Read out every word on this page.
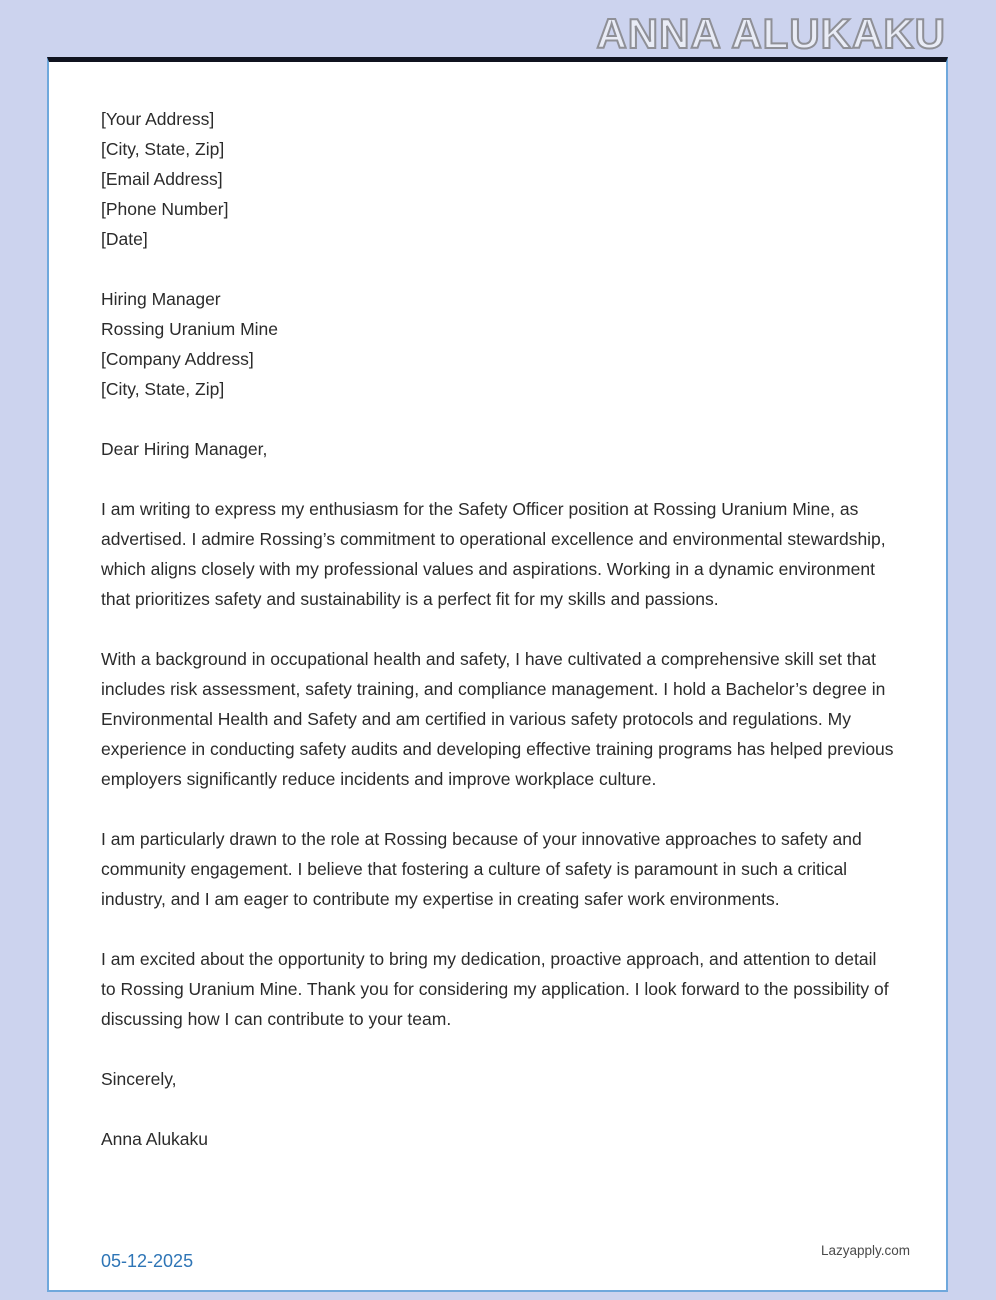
ANNA ALUKAKU
[Your Address]
[City, State, Zip]
[Email Address]
[Phone Number]
[Date]
Hiring Manager
Rossing Uranium Mine
[Company Address]
[City, State, Zip]
Dear Hiring Manager,
I am writing to express my enthusiasm for the Safety Officer position at Rossing Uranium Mine, as advertised. I admire Rossing’s commitment to operational excellence and environmental stewardship, which aligns closely with my professional values and aspirations. Working in a dynamic environment that prioritizes safety and sustainability is a perfect fit for my skills and passions.
With a background in occupational health and safety, I have cultivated a comprehensive skill set that includes risk assessment, safety training, and compliance management. I hold a Bachelor’s degree in Environmental Health and Safety and am certified in various safety protocols and regulations. My experience in conducting safety audits and developing effective training programs has helped previous employers significantly reduce incidents and improve workplace culture.
I am particularly drawn to the role at Rossing because of your innovative approaches to safety and community engagement. I believe that fostering a culture of safety is paramount in such a critical industry, and I am eager to contribute my expertise in creating safer work environments.
I am excited about the opportunity to bring my dedication, proactive approach, and attention to detail to Rossing Uranium Mine. Thank you for considering my application. I look forward to the possibility of discussing how I can contribute to your team.
Sincerely,
Anna Alukaku
05-12-2025
Lazyapply.com
